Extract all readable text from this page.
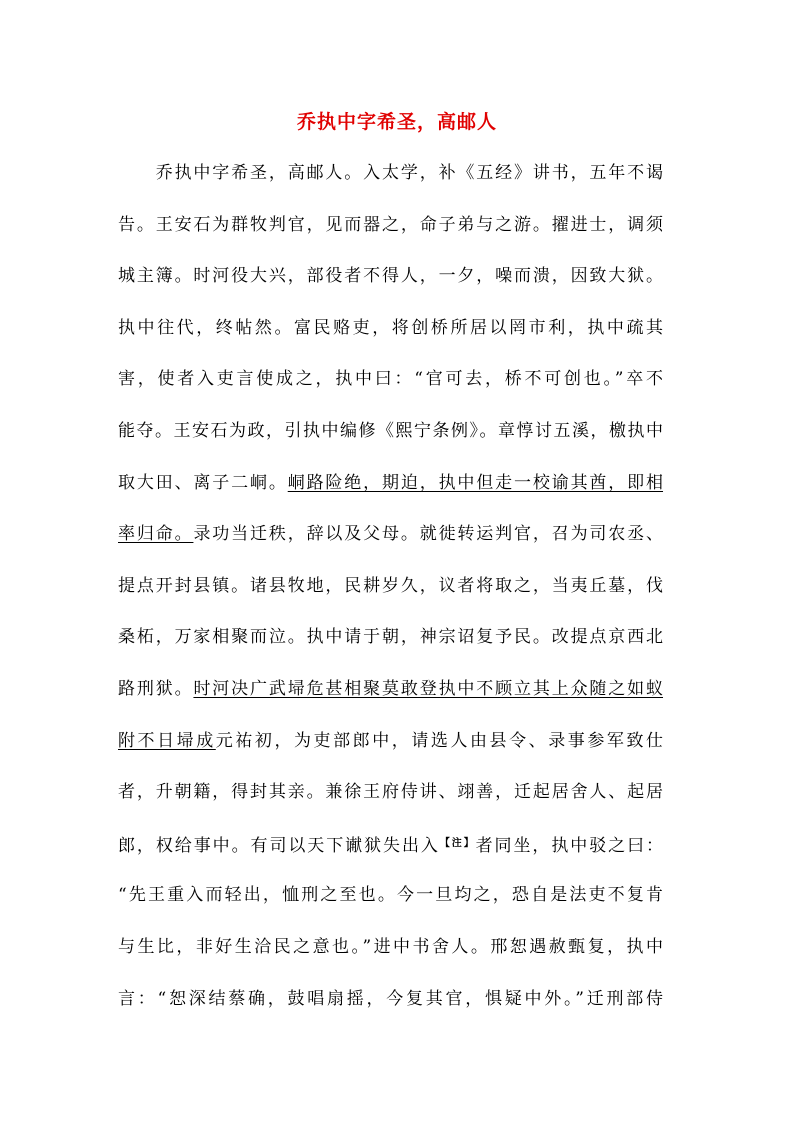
乔执中字希圣，高邮人
　　乔执中字希圣，高邮人。入太学，补《五经》讲书，五年不谒
告。王安石为群牧判官，见而器之，命子弟与之游。擢进士，调须
城主簿。时河役大兴，部役者不得人，一夕，噪而溃，因致大狱。
执中往代，终帖然。富民赂吏，将创桥所居以罔市利，执中疏其
害，使者入吏言使成之，执中曰：“官可去，桥不可创也。”卒不
能夺。王安石为政，引执中编修《熙宁条例》。章惇讨五溪，檄执中
取大田、离子二峒。峒路险绝，期迫，执中但走一校谕其酋，即相
率归命。录功当迁秩，辞以及父母。就徙转运判官，召为司农丞、
提点开封县镇。诸县牧地，民耕岁久，议者将取之，当夷丘墓，伐
桑柘，万家相聚而泣。执中请于朝，神宗诏复予民。改提点京西北
路刑狱。时河决广武埽危甚相聚莫敢登执中不顾立其上众随之如蚁
附不日埽成元祐初，为吏部郎中，请选人由县令、录事参军致仕
者，升朝籍，得封其亲。兼徐王府侍讲、翊善，迁起居舍人、起居
郎，权给事中。有司以天下谳狱失出入$^{【注】}$者同坐，执中驳之曰：
“先王重入而轻出，恤刑之至也。今一旦均之，恐自是法吏不复肯
与生比，非好生洽民之意也。”进中书舍人。邢恕遇赦甄复，执中
言：“恕深结蔡确，鼓唱扇摇，今复其官，惧疑中外。”迁刑部侍
